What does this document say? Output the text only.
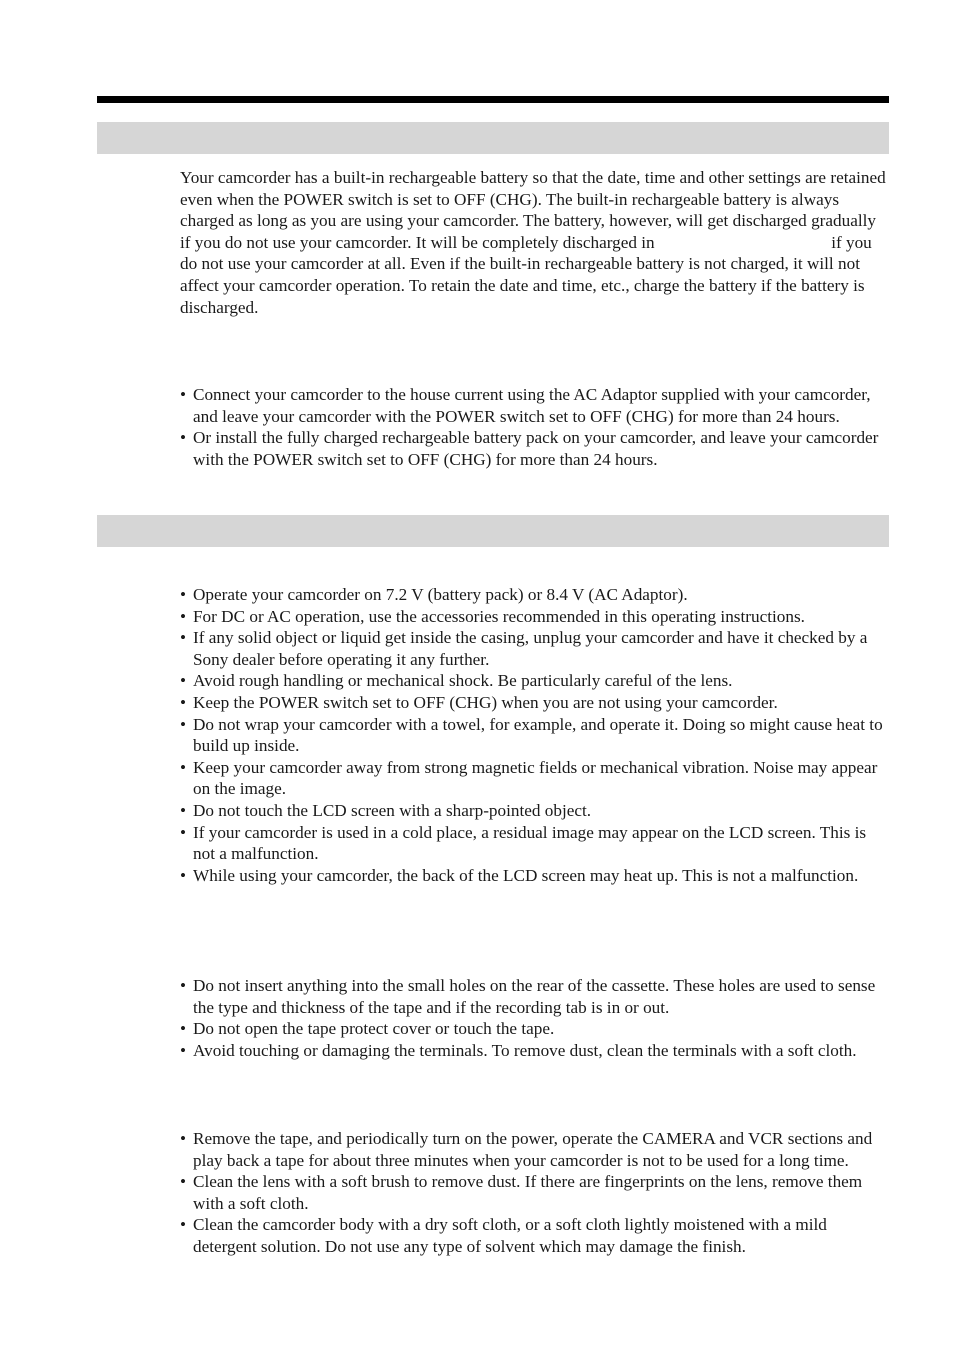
Your camcorder has a built-in rechargeable battery so that the date, time and other settings are retained even when the POWER switch is set to OFF (CHG). The built-in rechargeable battery is always charged as long as you are using your camcorder. The battery, however, will get discharged gradually if you do not use your camcorder. It will be completely discharged in	if you do not use your camcorder at all. Even if the built-in rechargeable battery is not charged, it will not affect your camcorder operation. To retain the date and time, etc., charge the battery if the battery is discharged.

• Connect your camcorder to the house current using the AC Adaptor supplied with your camcorder, and leave your camcorder with the POWER switch set to OFF (CHG) for more than 24 hours.
• Or install the fully charged rechargeable battery pack on your camcorder, and leave your camcorder with the POWER switch set to OFF (CHG) for more than 24 hours.
• Operate your camcorder on 7.2 V (battery pack) or 8.4 V (AC Adaptor).
• For DC or AC operation, use the accessories recommended in this operating instructions.
• If any solid object or liquid get inside the casing, unplug your camcorder and have it checked by a Sony dealer before operating it any further.
• Avoid rough handling or mechanical shock. Be particularly careful of the lens.
• Keep the POWER switch set to OFF (CHG) when you are not using your camcorder.
• Do not wrap your camcorder with a towel, for example, and operate it. Doing so might cause heat to build up inside.
• Keep your camcorder away from strong magnetic fields or mechanical vibration. Noise may appear on the image.
• Do not touch the LCD screen with a sharp-pointed object.
• If your camcorder is used in a cold place, a residual image may appear on the LCD screen. This is not a malfunction.
• While using your camcorder, the back of the LCD screen may heat up. This is not a malfunction.
• Do not insert anything into the small holes on the rear of the cassette. These holes are used to sense the type and thickness of the tape and if the recording tab is in or out.
• Do not open the tape protect cover or touch the tape.
• Avoid touching or damaging the terminals. To remove dust, clean the terminals with a soft cloth.
• Remove the tape, and periodically turn on the power, operate the CAMERA and VCR sections and play back a tape for about three minutes when your camcorder is not to be used for a long time.
• Clean the lens with a soft brush to remove dust. If there are fingerprints on the lens, remove them with a soft cloth.
• Clean the camcorder body with a dry soft cloth, or a soft cloth lightly moistened with a mild detergent solution. Do not use any type of solvent which may damage the finish.
